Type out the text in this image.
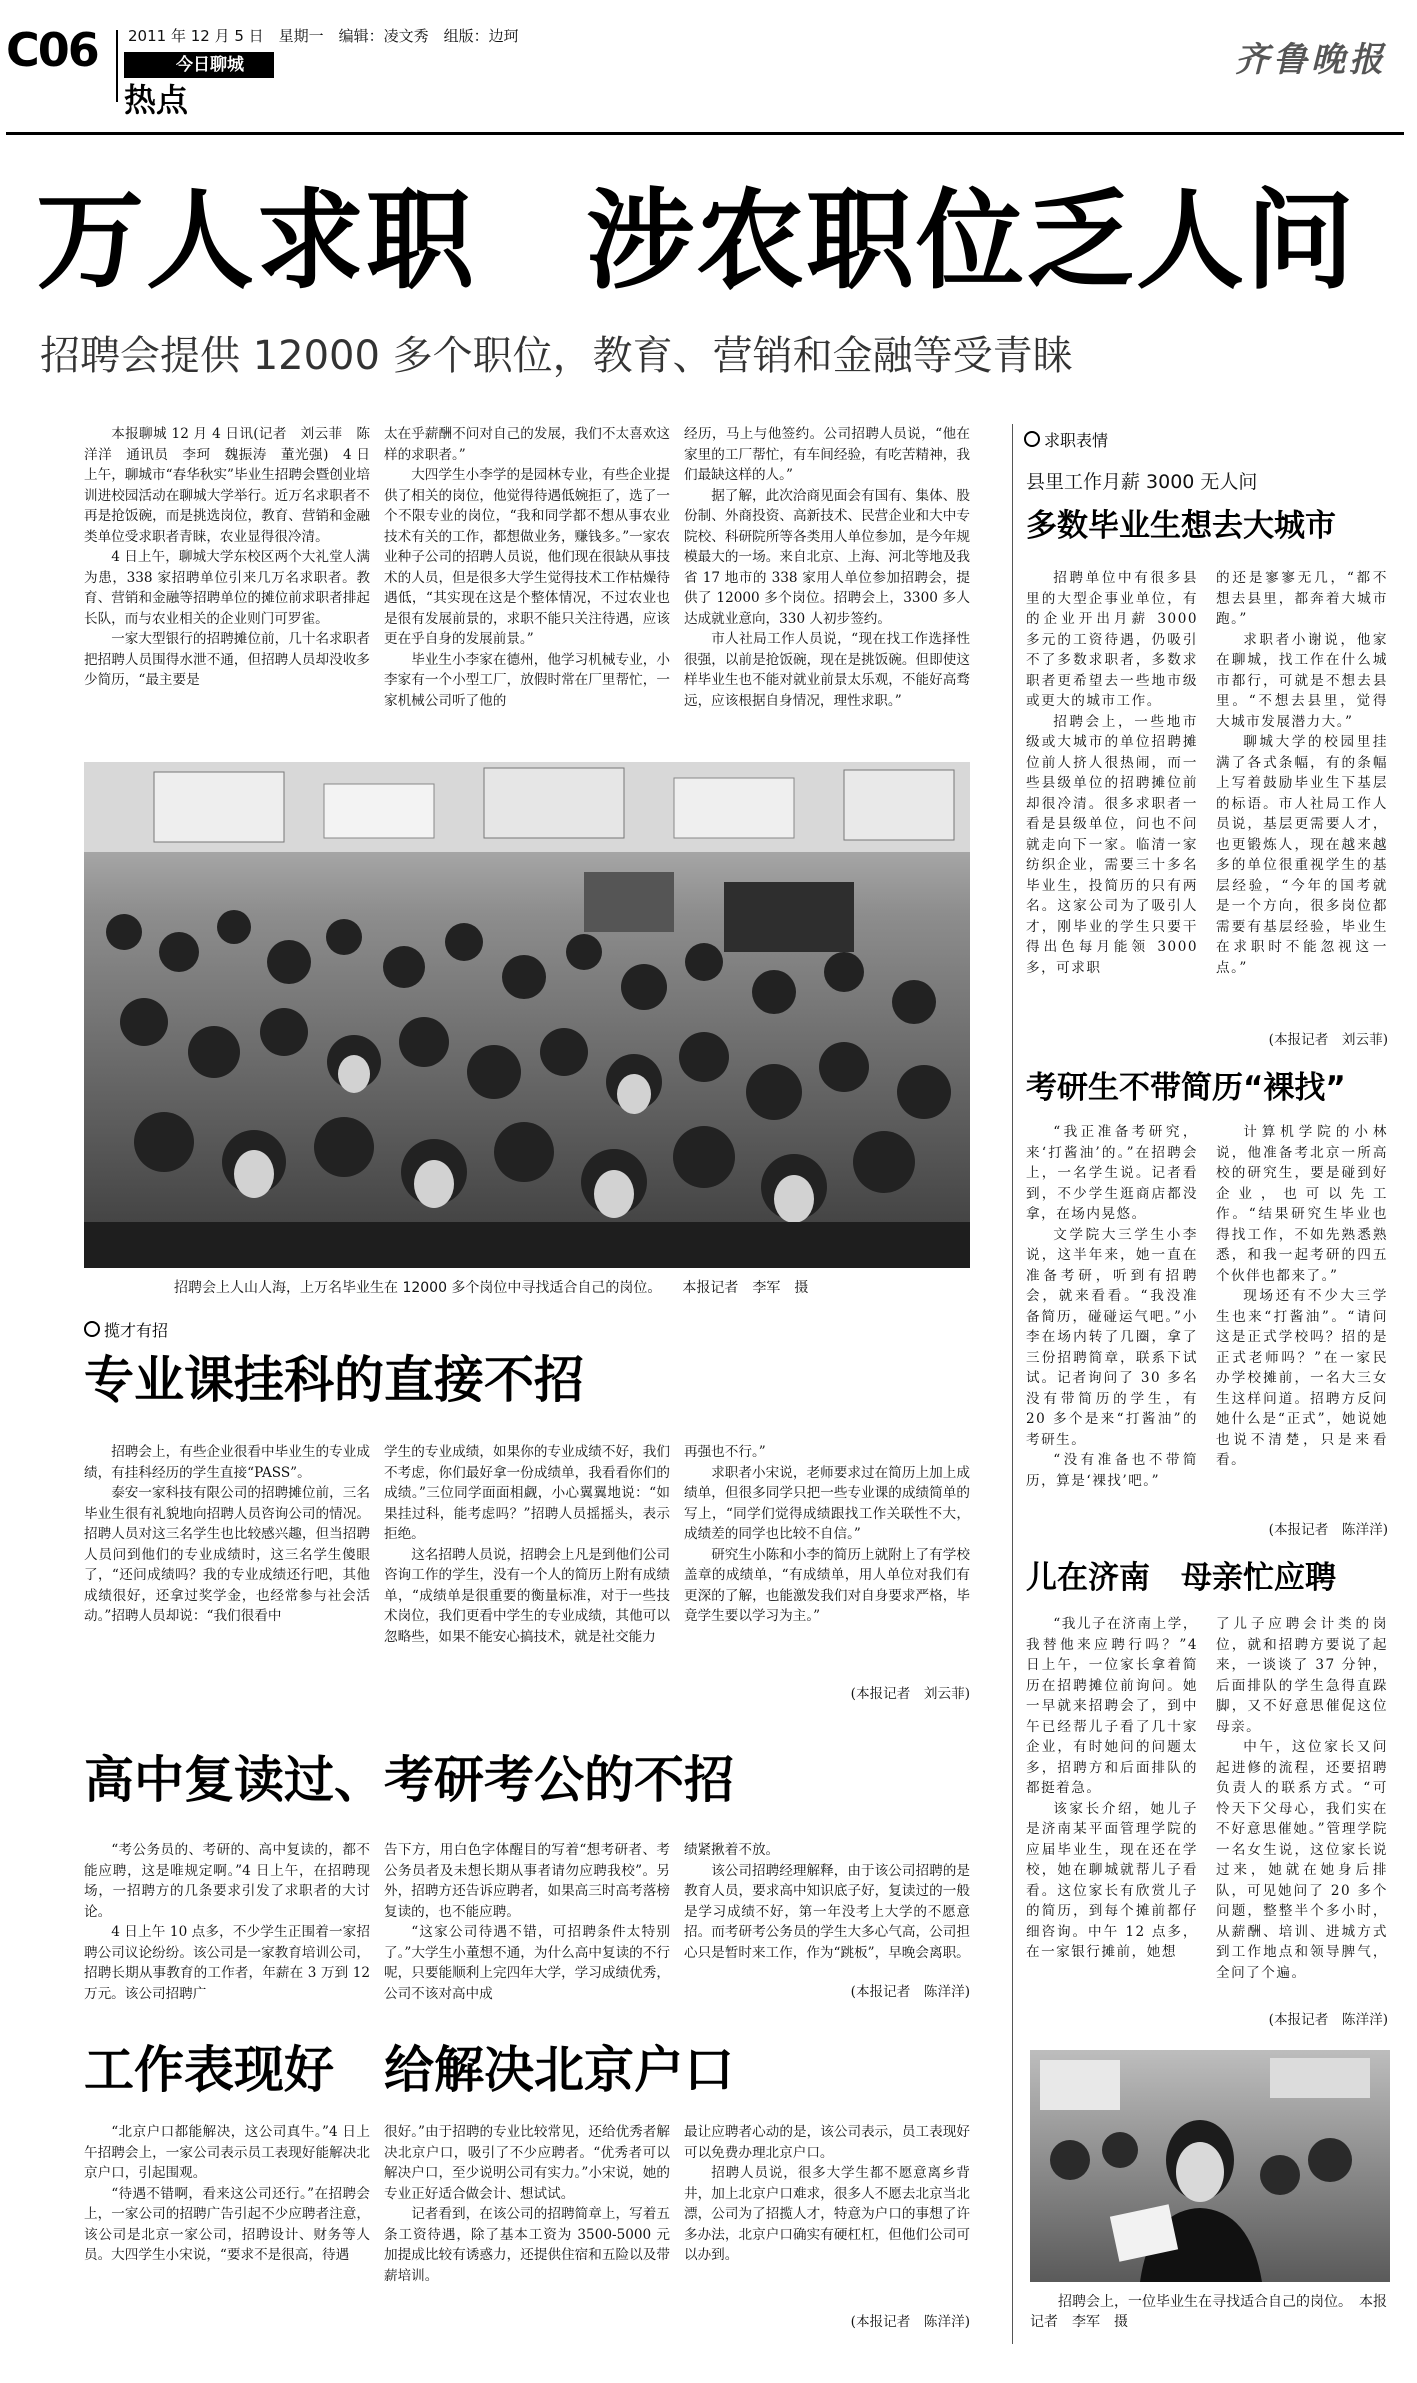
C06 2011 年 12 月 5 日　星期一　编辑：凌文秀　组版：边珂
今日聊城
热点
齐鲁晚报
万人求职　涉农职位乏人问
招聘会提供 12000 多个职位，教育、营销和金融等受青睐

本报聊城 12 月 4 日讯(记者　刘云菲　陈洋洋　通讯员　李珂　魏振涛　董光强)　4 日上午，聊城市“春华秋实”毕业生招聘会暨创业培训进校园活动在聊城大学举行。近万名求职者不再是抢饭碗，而是挑选岗位，教育、营销和金融类单位受求职者青睐，农业显得很冷清。

4 日上午，聊城大学东校区两个大礼堂人满为患，338 家招聘单位引来几万名求职者。教育、营销和金融等招聘单位的摊位前求职者排起长队，而与农业相关的企业则门可罗雀。

一家大型银行的招聘摊位前，几十名求职者把招聘人员围得水泄不通，但招聘人员却没收多少简历，“最主要是

太在乎薪酬不问对自己的发展，我们不太喜欢这样的求职者。”

大四学生小李学的是园林专业，有些企业提供了相关的岗位，他觉得待遇低婉拒了，选了一个不限专业的岗位，“我和同学都不想从事农业技术有关的工作，都想做业务，赚钱多。”一家农业种子公司的招聘人员说，他们现在很缺从事技术的人员，但是很多大学生觉得技术工作枯燥待遇低，“其实现在这是个整体情况，不过农业也是很有发展前景的，求职不能只关注待遇，应该更在乎自身的发展前景。”

毕业生小李家在德州，他学习机械专业，小李家有一个小型工厂，放假时常在厂里帮忙，一家机械公司听了他的

经历，马上与他签约。公司招聘人员说，“他在家里的工厂帮忙，有车间经验，有吃苦精神，我们最缺这样的人。”

据了解，此次洽商见面会有国有、集体、股份制、外商投资、高新技术、民营企业和大中专院校、科研院所等各类用人单位参加，是今年规模最大的一场。来自北京、上海、河北等地及我省 17 地市的 338 家用人单位参加招聘会，提供了 12000 多个岗位。招聘会上，3300 多人达成就业意向，330 人初步签约。

市人社局工作人员说，“现在找工作选择性很强，以前是抢饭碗，现在是挑饭碗。但即使这样毕业生也不能对就业前景太乐观，不能好高骛远，应该根据自身情况，理性求职。”

招聘会上人山人海，上万名毕业生在 12000 多个岗位中寻找适合自己的岗位。　　本报记者　李军　摄
揽才有招
专业课挂科的直接不招

招聘会上，有些企业很看中毕业生的专业成绩，有挂科经历的学生直接“PASS”。

泰安一家科技有限公司的招聘摊位前，三名毕业生很有礼貌地向招聘人员咨询公司的情况。招聘人员对这三名学生也比较感兴趣，但当招聘人员问到他们的专业成绩时，这三名学生傻眼了，“还问成绩吗？我的专业成绩还行吧，其他成绩很好，还拿过奖学金，也经常参与社会活动。”招聘人员却说：“我们很看中

学生的专业成绩，如果你的专业成绩不好，我们不考虑，你们最好拿一份成绩单，我看看你们的成绩。”三位同学面面相觑，小心翼翼地说：“如果挂过科，能考虑吗？”招聘人员摇摇头，表示拒绝。

这名招聘人员说，招聘会上凡是到他们公司咨询工作的学生，没有一个人的简历上附有成绩单，“成绩单是很重要的衡量标准，对于一些技术岗位，我们更看中学生的专业成绩，其他可以忽略些，如果不能安心搞技术，就是社交能力

再强也不行。”

求职者小宋说，老师要求过在简历上加上成绩单，但很多同学只把一些专业课的成绩简单的写上，“同学们觉得成绩跟找工作关联性不大，成绩差的同学也比较不自信。”

研究生小陈和小李的简历上就附上了有学校盖章的成绩单，“有成绩单，用人单位对我们有更深的了解，也能激发我们对自身要求严格，毕竟学生要以学习为主。”

(本报记者　刘云菲)
高中复读过、考研考公的不招

“考公务员的、考研的、高中复读的，都不能应聘，这是唯规定啊。”4 日上午，在招聘现场，一招聘方的几条要求引发了求职者的大讨论。

4 日上午 10 点多，不少学生正围着一家招聘公司议论纷纷。该公司是一家教育培训公司，招聘长期从事教育的工作者，年薪在 3 万到 12 万元。该公司招聘广

告下方，用白色字体醒目的写着“想考研者、考公务员者及未想长期从事者请勿应聘我校”。另外，招聘方还告诉应聘者，如果高三时高考落榜复读的，也不能应聘。

“这家公司待遇不错，可招聘条件太特别了。”大学生小董想不通，为什么高中复读的不行呢，只要能顺利上完四年大学，学习成绩优秀，公司不该对高中成

绩紧揪着不放。

该公司招聘经理解释，由于该公司招聘的是教育人员，要求高中知识底子好，复读过的一般是学习成绩不好，第一年没考上大学的不愿意招。而考研考公务员的学生大多心气高，公司担心只是暂时来工作，作为“跳板”，早晚会离职。

(本报记者　陈洋洋)
工作表现好　给解决北京户口

“北京户口都能解决，这公司真牛。”4 日上午招聘会上，一家公司表示员工表现好能解决北京户口，引起围观。

“待遇不错啊，看来这公司还行。”在招聘会上，一家公司的招聘广告引起不少应聘者注意，该公司是北京一家公司，招聘设计、财务等人员。大四学生小宋说，“要求不是很高，待遇

很好。”由于招聘的专业比较常见，还给优秀者解决北京户口，吸引了不少应聘者。“优秀者可以解决户口，至少说明公司有实力。”小宋说，她的专业正好适合做会计、想试试。

记者看到，在该公司的招聘简章上，写着五条工资待遇，除了基本工资为 3500-5000 元加提成比较有诱惑力，还提供住宿和五险以及带薪培训。

最让应聘者心动的是，该公司表示，员工表现好可以免费办理北京户口。

招聘人员说，很多大学生都不愿意离乡背井，加上北京户口难求，很多人不愿去北京当北漂，公司为了招揽人才，特意为户口的事想了许多办法，北京户口确实有硬杠杠，但他们公司可以办到。

(本报记者　陈洋洋)
求职表情
县里工作月薪 3000 无人问
多数毕业生想去大城市

招聘单位中有很多县里的大型企事业单位，有的企业开出月薪 3000 多元的工资待遇，仍吸引不了多数求职者，多数求职者更希望去一些地市级或更大的城市工作。

招聘会上，一些地市级或大城市的单位招聘摊位前人挤人很热闹，而一些县级单位的招聘摊位前却很冷清。很多求职者一看是县级单位，问也不问就走向下一家。临清一家纺织企业，需要三十多名毕业生，投简历的只有两名。这家公司为了吸引人才，刚毕业的学生只要干得出色每月能领 3000 多，可求职

的还是寥寥无几，“都不想去县里，都奔着大城市跑。”

求职者小谢说，他家在聊城，找工作在什么城市都行，可就是不想去县里。“不想去县里，觉得大城市发展潜力大。”

聊城大学的校园里挂满了各式条幅，有的条幅上写着鼓励毕业生下基层的标语。市人社局工作人员说，基层更需要人才，也更锻炼人，现在越来越多的单位很重视学生的基层经验，“今年的国考就是一个方向，很多岗位都需要有基层经验，毕业生在求职时不能忽视这一点。”

(本报记者　刘云菲)
考研生不带简历“裸找”

“我正准备考研究，来‘打酱油’的。”在招聘会上，一名学生说。记者看到，不少学生逛商店都没拿，在场内晃悠。

文学院大三学生小李说，这半年来，她一直在准备考研，听到有招聘会，就来看看。“我没准备简历，碰碰运气吧。”小李在场内转了几圈，拿了三份招聘简章，联系下试试。记者询问了 30 多名没有带简历的学生，有 20 多个是来“打酱油”的考研生。

“没有准备也不带简历，算是‘裸找’吧。”

计算机学院的小林说，他准备考北京一所高校的研究生，要是碰到好企业，也可以先工作。“结果研究生毕业也得找工作，不如先熟悉熟悉，和我一起考研的四五个伙伴也都来了。”

现场还有不少大三学生也来“打酱油”。“请问这是正式学校吗？招的是正式老师吗？”在一家民办学校摊前，一名大三女生这样问道。招聘方反问她什么是“正式”，她说她也说不清楚，只是来看看。

(本报记者　陈洋洋)
儿在济南　母亲忙应聘

“我儿子在济南上学，我替他来应聘行吗？”4 日上午，一位家长拿着简历在招聘摊位前询问。她一早就来招聘会了，到中午已经帮儿子看了几十家企业，有时她问的问题太多，招聘方和后面排队的都挺着急。

该家长介绍，她儿子是济南某平面管理学院的应届毕业生，现在还在学校，她在聊城就帮儿子看看。这位家长有欣赏儿子的简历，到每个摊前都仔细咨询。中午 12 点多，在一家银行摊前，她想

了儿子应聘会计类的岗位，就和招聘方要说了起来，一谈谈了 37 分钟，后面排队的学生急得直跺脚，又不好意思催促这位母亲。

中午，这位家长又问起进修的流程，还要招聘负责人的联系方式。“可怜天下父母心，我们实在不好意思催她。”管理学院一名女生说，这位家长说过来，她就在她身后排队，可见她问了 20 多个问题，整整半个多小时，从薪酬、培训、进城方式到工作地点和领导脾气，全问了个遍。

(本报记者　陈洋洋)
招聘会上，一位毕业生在寻找适合自己的岗位。　本报记者　李军　摄
